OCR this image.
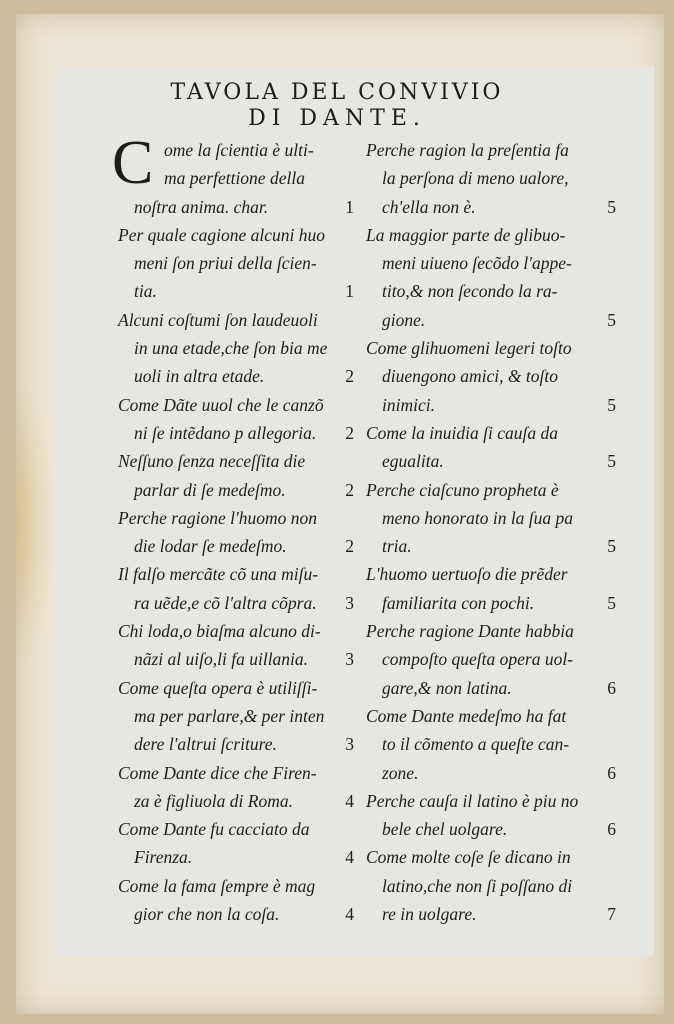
TAVOLA DEL CONVIVIO
DI DANTE.
C ome la ſcientia è ulti-
ma perfettione della
noſtra anima. char.	1
Per quale cagione alcuni huo
meni ſon priui della ſcien-
tia.	1
Alcuni coſtumi ſon laudeuoli
in una etade,che ſon bia me
uoli in altra etade.	2
Come Dãte uuol che le canzõ
ni ſe intẽdano p allegoria.	2
Neſſuno ſenza neceſſita die
parlar di ſe medeſmo.	2
Perche ragione l'huomo non
die lodar ſe medeſmo.	2
Il falſo mercãte cõ una miſu-
ra uẽde,e cõ l'altra cõpra.	3
Chi loda,o biaſma alcuno di-
nãzi al uiſo,li fa uillania.	3
Come queſta opera è utiliſſi-
ma per parlare,& per inten
dere l'altrui ſcriture.	3
Come Dante dice che Firen-
za è figliuola di Roma.	4
Come Dante fu cacciato da
Firenza.	4
Come la fama ſempre è mag
gior che non la coſa.	4
Perche ragion la preſentia fa
la perſona di meno ualore,
ch'ella non è.	5
La maggior parte de glibuo-
meni uiueno ſecõdo l'appe-
tito,& non ſecondo la ra-
gione.	5
Come glihuomeni legeri toſto
diuengono amici, & toſto
inimici.	5
Come la inuidia ſi cauſa da
egualita.	5
Perche ciaſcuno propheta è
meno honorato in la ſua pa
tria.	5
L'huomo uertuoſo die prẽder
familiarita con pochi.	5
Perche ragione Dante habbia
compoſto queſta opera uol-
gare,& non latina.	6
Come Dante medeſmo ha fat
to il cõmento a queſte can-
zone.	6
Perche cauſa il latino è piu no
bele chel uolgare.	6
Come molte coſe ſe dicano in
latino,che non ſi poſſano di
re in uolgare.	7
